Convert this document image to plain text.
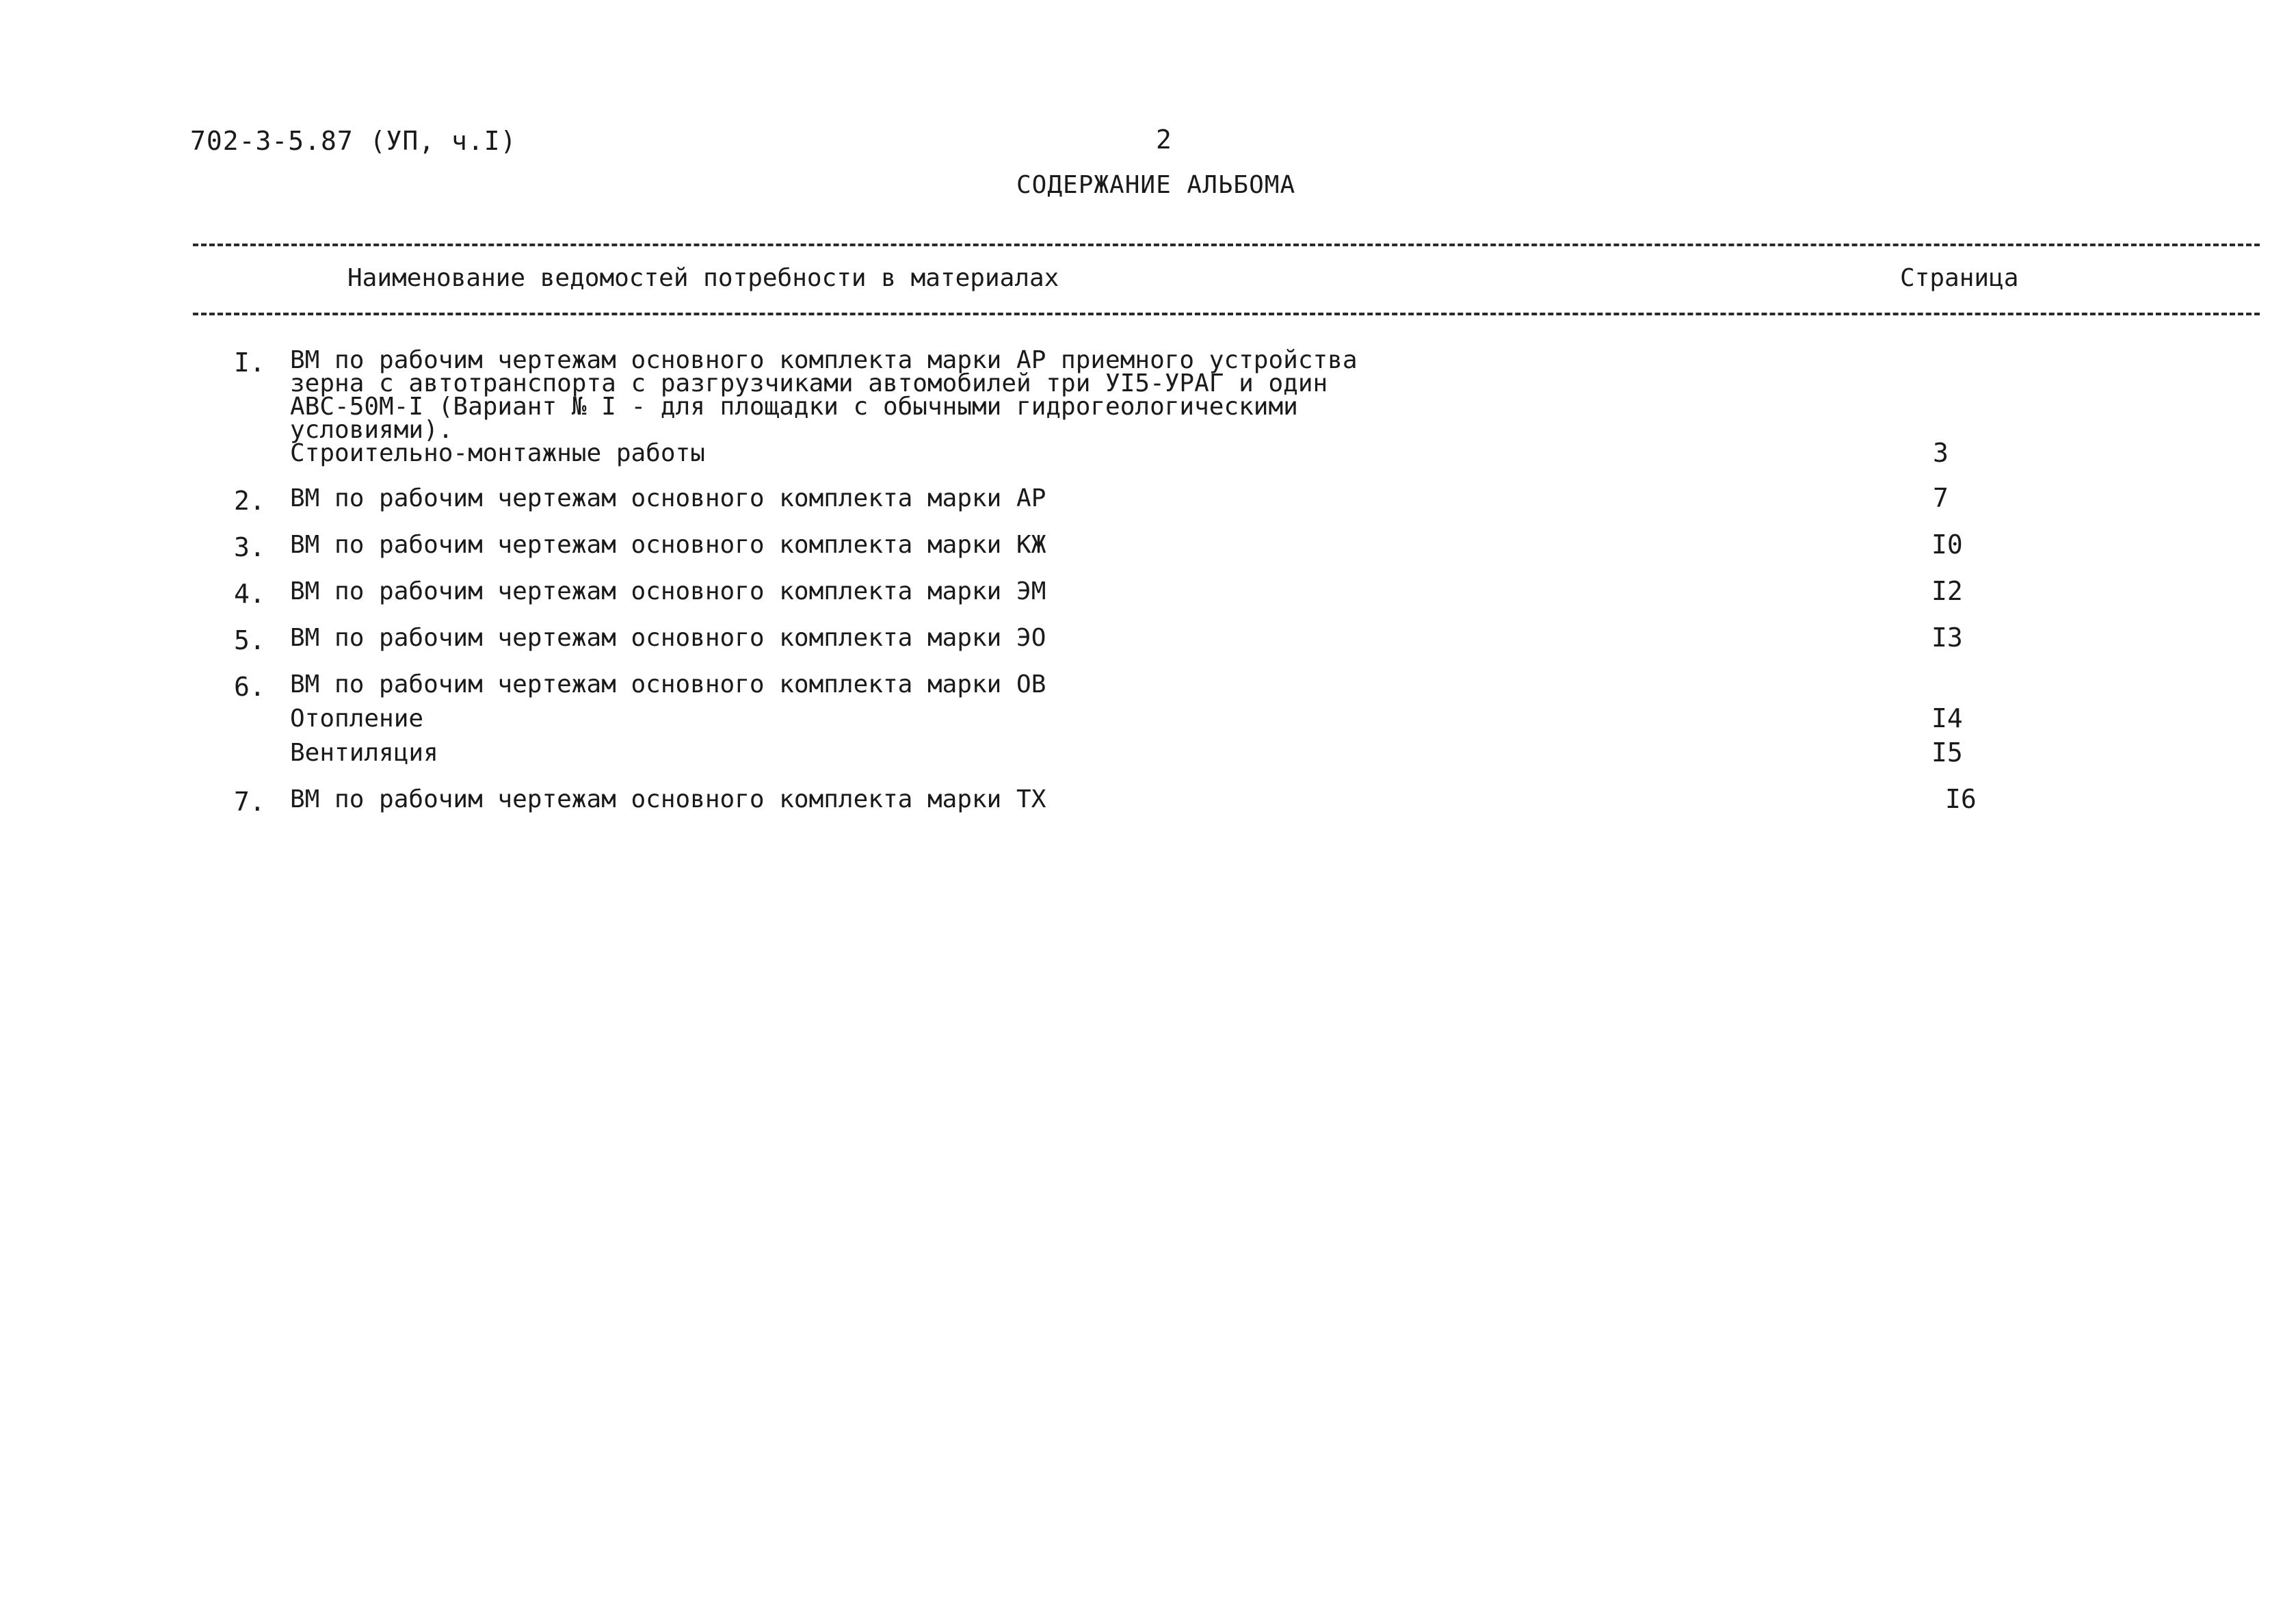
702-3-5.87 (УП, ч.I)	2
СОДЕРЖАНИЕ АЛЬБОМА
Наименование ведомостей потребности в материалах	Страница
I. ВМ по рабочим чертежам основного комплекта марки АР приемного устройства
зерна с автотранспорта с разгрузчиками автомобилей три УI5-УРАГ и один
АВС-50М-I (Вариант № I - для площадки с обычными гидрогеологическими
условиями).
Строительно-монтажные работы	3
2. ВМ по рабочим чертежам основного комплекта марки АР	7
3. ВМ по рабочим чертежам основного комплекта марки КЖ	I0
4. ВМ по рабочим чертежам основного комплекта марки ЭМ	I2
5. ВМ по рабочим чертежам основного комплекта марки ЭО	I3
6. ВМ по рабочим чертежам основного комплекта марки ОВ
Отопление	I4
Вентиляция	I5
7. ВМ по рабочим чертежам основного комплекта марки ТХ	I6
